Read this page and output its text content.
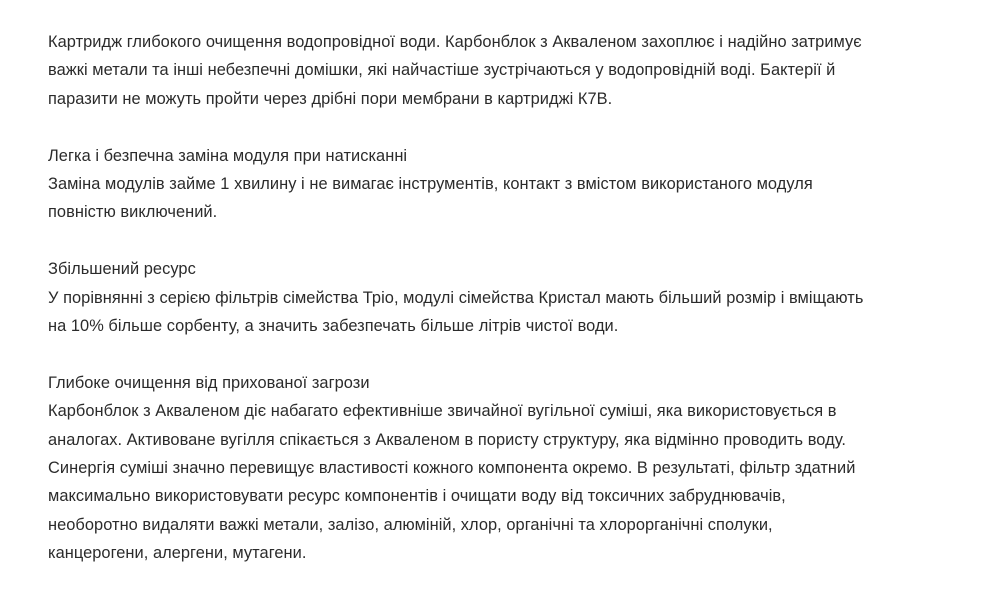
Картридж глибокого очищення водопровідної води. Карбонблок з Аквaленом захоплює і надійно затримує
важкі метали та інші небезпечні домішки, які найчастіше зустрічаються у водопровідній воді. Бактерії й
паразити не можуть пройти через дрібні пори мембрани в картриджі К7В.

Легка і безпечна заміна модуля при натисканні
Заміна модулів займе 1 хвилину і не вимагає інструментів, контакт з вмістом використаного модуля
повністю виключений.

Збільшений ресурс
У порівнянні з серією фільтрів сімейства Тріо, модулі сімейства Кристал мають більший розмір і вміщають
на 10% більше сорбенту, а значить забезпечать більше літрів чистої води.

Глибоке очищення від прихованої загрози
Карбонблок з Аквaленом діє набагато ефективніше звичайної вугільної суміші, яка використовується в
аналогах. Активоване вугілля спікається з Аквaленом в пористу структуру, яка відмінно проводить воду.
Синергія суміші значно перевищує властивості кожного компонента окремо. В результаті, фільтр здатний
максимально використовувати ресурс компонентів і очищати воду від токсичних забруднювачів,
необоротно видаляти важкі метали, залізо, алюміній, хлор, органічні та хлорорганічні сполуки,
канцерогени, алергени, мутагени.
